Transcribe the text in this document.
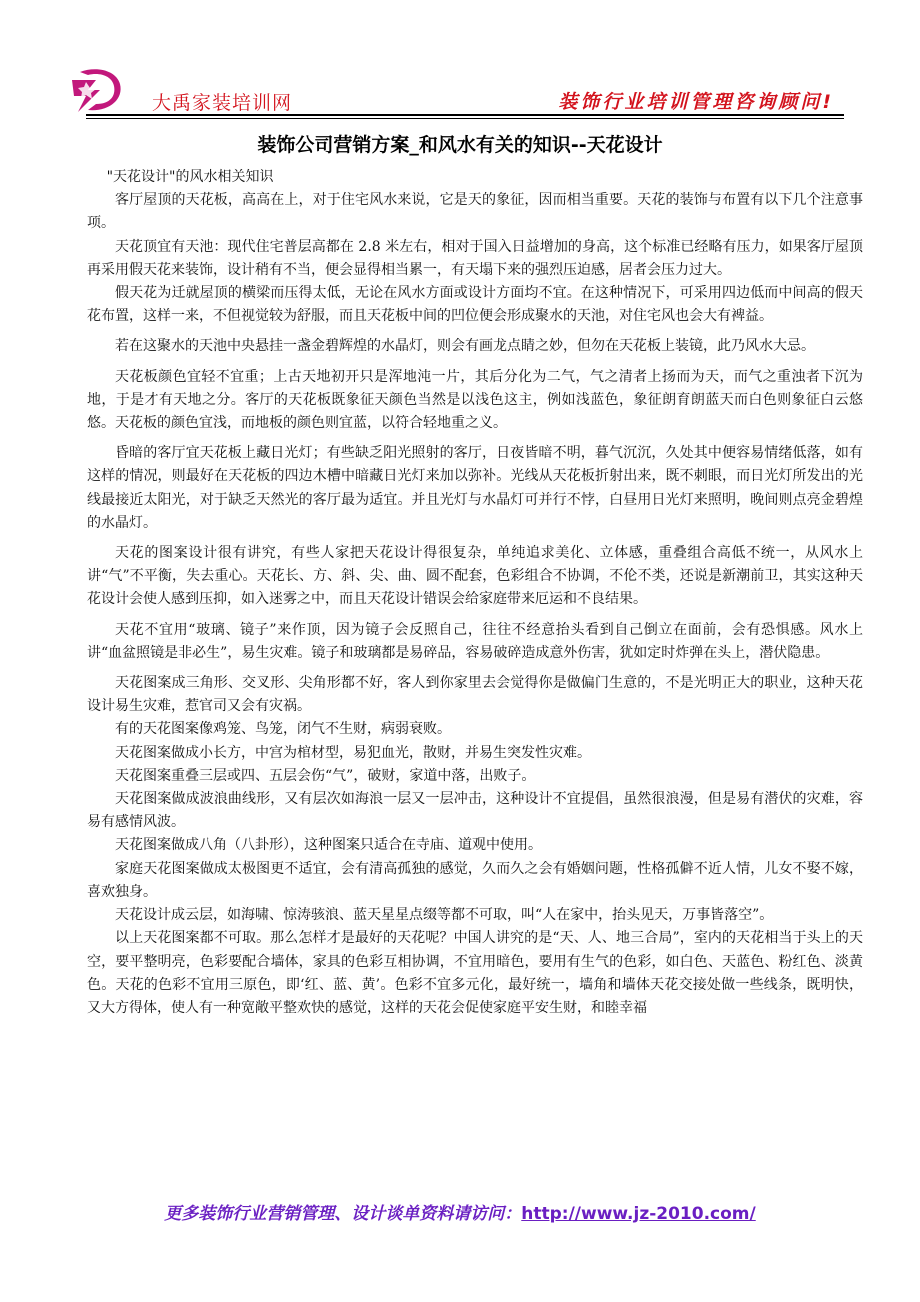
大禹家装培训网	装饰行业培训管理咨询顾问!
装饰公司营销方案_和风水有关的知识--天花设计

"天花设计"的风水相关知识

客厅屋顶的天花板，高高在上，对于住宅风水来说，它是天的象征，因而相当重要。天花的装饰与布置有以下几个注意事项。

天花顶宜有天池：现代住宅普层高都在 2.8 米左右，相对于国入日益增加的身高，这个标准已经略有压力，如果客厅屋顶再采用假天花来装饰，设计稍有不当，便会显得相当累一，有天塌下来的强烈压迫感，居者会压力过大。

假天花为迁就屋顶的横梁而压得太低，无论在风水方面或设计方面均不宜。在这种情况下，可采用四边低而中间高的假天花布置，这样一来，不但视觉较为舒服，而且天花板中间的凹位便会形成聚水的天池，对住宅风也会大有裨益。

若在这聚水的天池中央悬挂一盏金碧辉煌的水晶灯，则会有画龙点睛之妙，但勿在天花板上装镜，此乃风水大忌。

天花板颜色宜轻不宜重；上古天地初开只是浑地沌一片，其后分化为二气，气之清者上扬而为天，而气之重浊者下沉为地，于是才有天地之分。客厅的天花板既象征天颜色当然是以浅色这主，例如浅蓝色，象征朗育朗蓝天而白色则象征白云悠悠。天花板的颜色宜浅，而地板的颜色则宜蓝，以符合轻地重之义。

昏暗的客厅宜天花板上藏日光灯；有些缺乏阳光照射的客厅，日夜皆暗不明，暮气沉沉，久处其中便容易情绪低落，如有这样的情况，则最好在天花板的四边木槽中暗藏日光灯来加以弥补。光线从天花板折射出来，既不刺眼，而日光灯所发出的光线最接近太阳光，对于缺乏天然光的客厅最为适宜。并且光灯与水晶灯可并行不悖，白昼用日光灯来照明，晚间则点亮金碧煌的水晶灯。

天花的图案设计很有讲究，有些人家把天花设计得很复杂，单纯追求美化、立体感，重叠组合高低不统一，从风水上讲“气”不平衡，失去重心。天花长、方、斜、尖、曲、圆不配套，色彩组合不协调，不伦不类，还说是新潮前卫，其实这种天花设计会使人感到压抑，如入迷雾之中，而且天花设计错误会给家庭带来厄运和不良结果。

天花不宜用“玻璃、镜子”来作顶，因为镜子会反照自己，往往不经意抬头看到自己倒立在面前，会有恐惧感。风水上讲“血盆照镜是非必生”，易生灾难。镜子和玻璃都是易碎品，容易破碎造成意外伤害，犹如定时炸弹在头上，潜伏隐患。

天花图案成三角形、交叉形、尖角形都不好，客人到你家里去会觉得你是做偏门生意的，不是光明正大的职业，这种天花设计易生灾难，惹官司又会有灾祸。

有的天花图案像鸡笼、鸟笼，闭气不生财，病弱衰败。

天花图案做成小长方，中宫为棺材型，易犯血光，散财，并易生突发性灾难。

天花图案重叠三层或四、五层会伤“气”，破财，家道中落，出败子。

天花图案做成波浪曲线形，又有层次如海浪一层又一层冲击，这种设计不宜提倡，虽然很浪漫，但是易有潜伏的灾难，容易有感情风波。

天花图案做成八角（八卦形），这种图案只适合在寺庙、道观中使用。

家庭天花图案做成太极图更不适宜，会有清高孤独的感觉，久而久之会有婚姻问题，性格孤僻不近人情，儿女不娶不嫁，喜欢独身。

天花设计成云层，如海啸、惊涛骇浪、蓝天星星点缀等都不可取，叫“人在家中，抬头见天，万事皆落空”。

以上天花图案都不可取。那么怎样才是最好的天花呢？中国人讲究的是“天、人、地三合局”，室内的天花相当于头上的天空，要平整明亮，色彩要配合墙体，家具的色彩互相协调，不宜用暗色，要用有生气的色彩，如白色、天蓝色、粉红色、淡黄色。天花的色彩不宜用三原色，即‘红、蓝、黄’。色彩不宜多元化，最好统一，墙角和墙体天花交接处做一些线条，既明快，又大方得体，使人有一种宽敞平整欢快的感觉，这样的天花会促使家庭平安生财，和睦幸福

更多装饰行业营销管理、设计谈单资料请访问：http://www.jz-2010.com/
